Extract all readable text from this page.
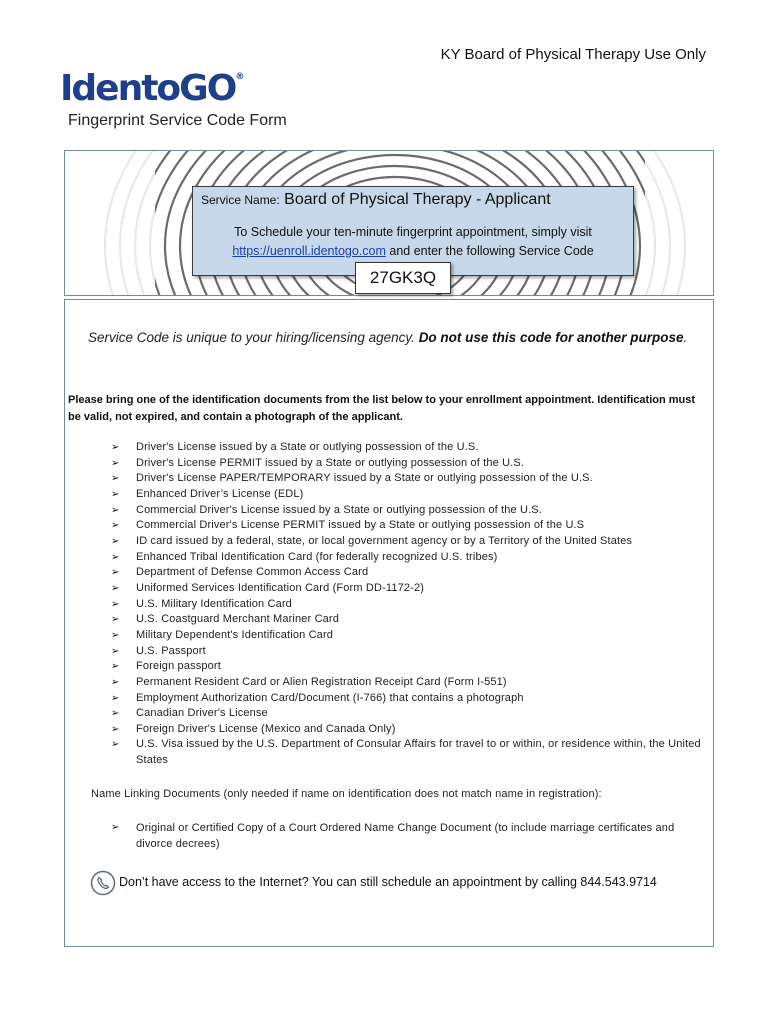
KY Board of Physical Therapy Use Only
IdentoGO®
Fingerprint Service Code Form
Service Name: Board of Physical Therapy - Applicant
To Schedule your ten-minute fingerprint appointment, simply visit
https://uenroll.identogo.com and enter the following Service Code
27GK3Q
Service Code is unique to your hiring/licensing agency. Do not use this code for another purpose.
Please bring one of the identification documents from the list below to your enrollment appointment. Identification must be valid, not expired, and contain a photograph of the applicant.
➢	Driver's License issued by a State or outlying possession of the U.S.
➢	Driver's License PERMIT issued by a State or outlying possession of the U.S.
➢	Driver's License PAPER/TEMPORARY issued by a State or outlying possession of the U.S.
➢	Enhanced Driver’s License (EDL)
➢	Commercial Driver's License issued by a State or outlying possession of the U.S.
➢	Commercial Driver's License PERMIT issued by a State or outlying possession of the U.S
➢	ID card issued by a federal, state, or local government agency or by a Territory of the United States
➢	Enhanced Tribal Identification Card (for federally recognized U.S. tribes)
➢	Department of Defense Common Access Card
➢	Uniformed Services Identification Card (Form DD-1172-2)
➢	U.S. Military Identification Card
➢	U.S. Coastguard Merchant Mariner Card
➢	Military Dependent's Identification Card
➢	U.S. Passport
➢	Foreign passport
➢	Permanent Resident Card or Alien Registration Receipt Card (Form I-551)
➢	Employment Authorization Card/Document (I-766) that contains a photograph
➢	Canadian Driver's License
➢	Foreign Driver's License (Mexico and Canada Only)
➢	U.S. Visa issued by the U.S. Department of Consular Affairs for travel to or within, or residence within, the United States
Name Linking Documents (only needed if name on identification does not match name in registration):
➢	Original or Certified Copy of a Court Ordered Name Change Document (to include marriage certificates and divorce decrees)
Don’t have access to the Internet? You can still schedule an appointment by calling 844.543.9714
